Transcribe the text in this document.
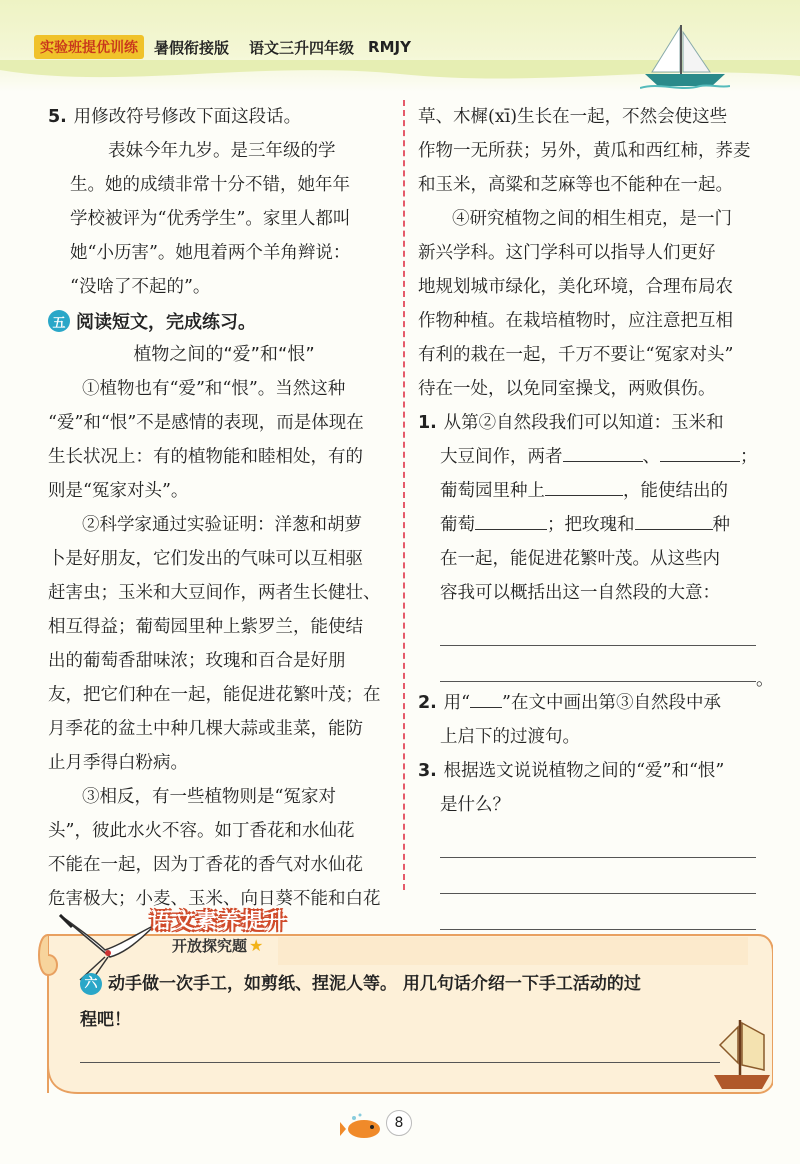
实验班提优训练	暑假衔接版 语文三升四年级 RMJY
5. 用修改符号修改下面这段话。
表妹今年九岁。是三年级的学
生。她的成绩非常十分不错，她年年
学校被评为“优秀学生”。家里人都叫
她“小历害”。她甩着两个羊角辫说：
“没啥了不起的”。
五 阅读短文，完成练习。
植物之间的“爱”和“恨”
①植物也有“爱”和“恨”。当然这种
“爱”和“恨”不是感情的表现，而是体现在
生长状况上：有的植物能和睦相处，有的
则是“冤家对头”。
②科学家通过实验证明：洋葱和胡萝
卜是好朋友，它们发出的气味可以互相驱
赶害虫；玉米和大豆间作，两者生长健壮、
相互得益；葡萄园里种上紫罗兰，能使结
出的葡萄香甜味浓；玫瑰和百合是好朋
友，把它们种在一起，能促进花繁叶茂；在
月季花的盆土中种几棵大蒜或韭菜，能防
止月季得白粉病。
③相反，有一些植物则是“冤家对
头”，彼此水火不容。如丁香花和水仙花
不能在一起，因为丁香花的香气对水仙花
危害极大；小麦、玉米、向日葵不能和白花
草、木樨(xī)生长在一起，不然会使这些
作物一无所获；另外，黄瓜和西红柿，荞麦
和玉米，高粱和芝麻等也不能种在一起。
④研究植物之间的相生相克，是一门
新兴学科。这门学科可以指导人们更好
地规划城市绿化，美化环境，合理布局农
作物种植。在栽培植物时，应注意把互相
有利的栽在一起，千万不要让“冤家对头”
待在一处，以免同室操戈，两败俱伤。
1. 从第②自然段我们可以知道：玉米和
大豆间作，两者	、	；
葡萄园里种上	，能使结出的
葡萄	；把玫瑰和	种
在一起，能促进花繁叶茂。从这些内
容我可以概括出这一自然段的大意：
。
2. 用“ ”在文中画出第③自然段中承
上启下的过渡句。
3. 根据选文说说植物之间的“爱”和“恨”
是什么？
语文素养提升
开放探究题 ★
六 动手做一次手工，如剪纸、捏泥人等。 用几句话介绍一下手工活动的过
程吧！
8
